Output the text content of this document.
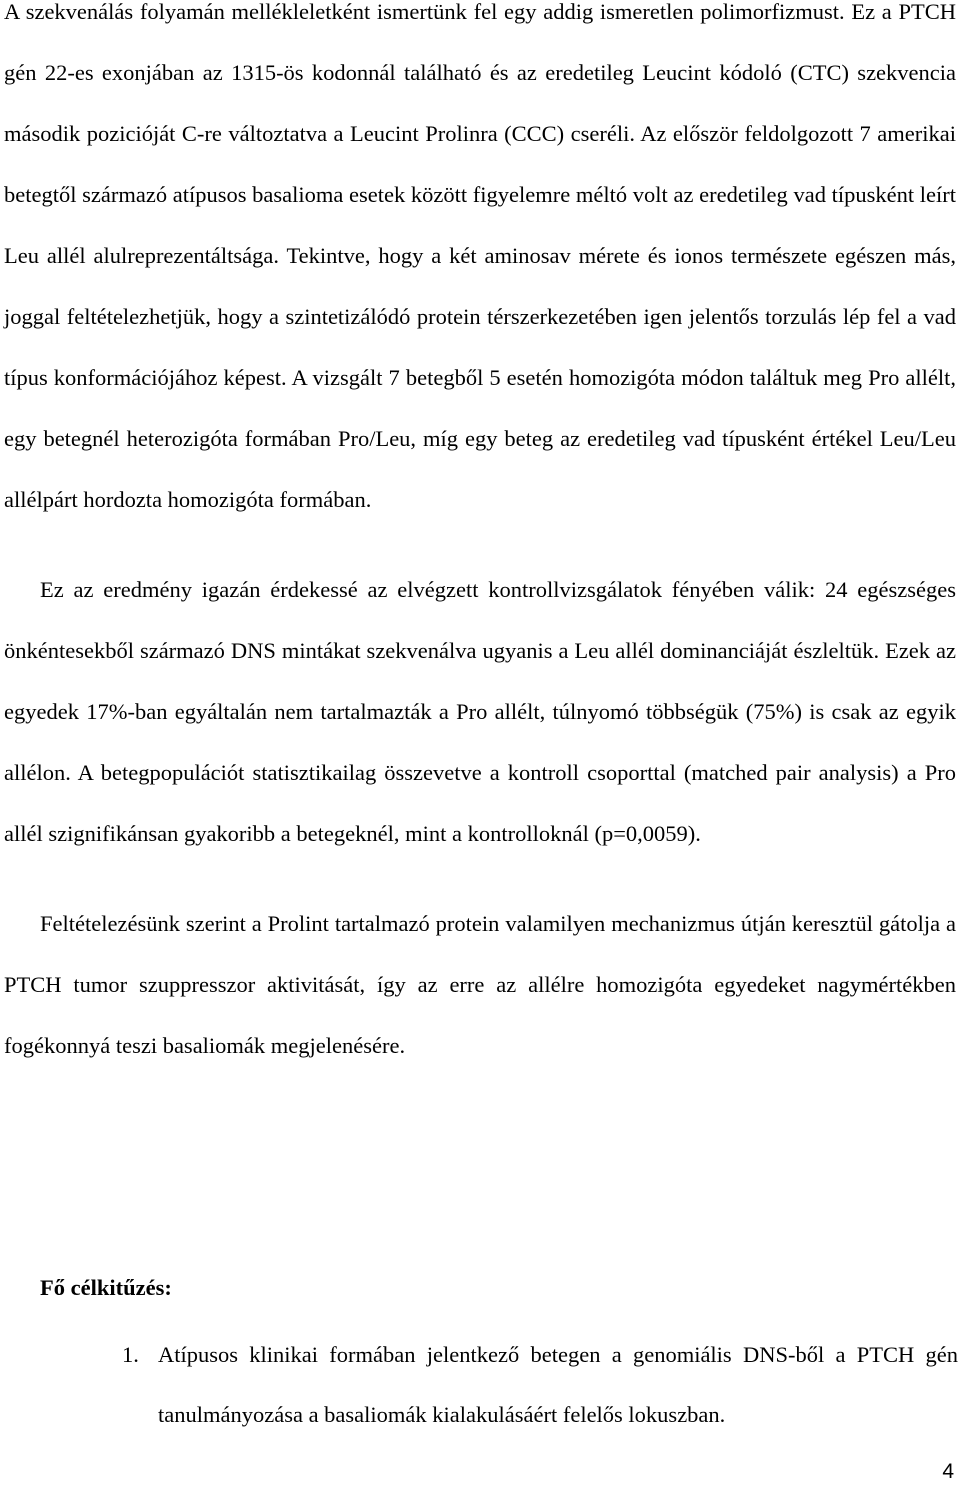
A szekvenálás folyamán mellékleletként ismertünk fel egy addig ismeretlen polimorfizmust. Ez a PTCH gén 22-es exonjában az 1315-ös kodonnál található és az eredetileg Leucint kódoló (CTC) szekvencia második pozicióját C-re változtatva a Leucint Prolinra (CCC) cseréli. Az először feldolgozott 7 amerikai betegtől származó atípusos basalioma esetek között figyelemre méltó volt az eredetileg vad típusként leírt Leu allél alulreprezentáltsága. Tekintve, hogy a két aminosav mérete és ionos természete egészen más, joggal feltételezhetjük, hogy a szintetizálódó protein térszerkezetében igen jelentős torzulás lép fel a vad típus konformációjához képest. A vizsgált 7 betegből 5 esetén homozigóta módon találtuk meg Pro allélt, egy betegnél heterozigóta formában Pro/Leu, míg egy beteg az eredetileg vad típusként értékel Leu/Leu allélpárt hordozta homozigóta formában.

Ez az eredmény igazán érdekessé az elvégzett kontrollvizsgálatok fényében válik: 24 egészséges önkéntesekből származó DNS mintákat szekvenálva ugyanis a Leu allél dominanciáját észleltük. Ezek az egyedek 17%-ban egyáltalán nem tartalmazták a Pro allélt, túlnyomó többségük (75%) is csak az egyik allélon. A betegpopulációt statisztikailag összevetve a kontroll csoporttal (matched pair analysis) a Pro allél szignifikánsan gyakoribb a betegeknél, mint a kontrolloknál (p=0,0059).

Feltételezésünk szerint a Prolint tartalmazó protein valamilyen mechanizmus útján keresztül gátolja a PTCH tumor szuppresszor aktivitását, így az erre az allélre homozigóta egyedeket nagymértékben fogékonnyá teszi basaliomák megjelenésére.

Fő célkitűzés:
1. Atípusos klinikai formában jelentkező betegen a genomiális DNS-ből a PTCH gén tanulmányozása a basaliomák kialakulásáért felelős lokuszban.
4
